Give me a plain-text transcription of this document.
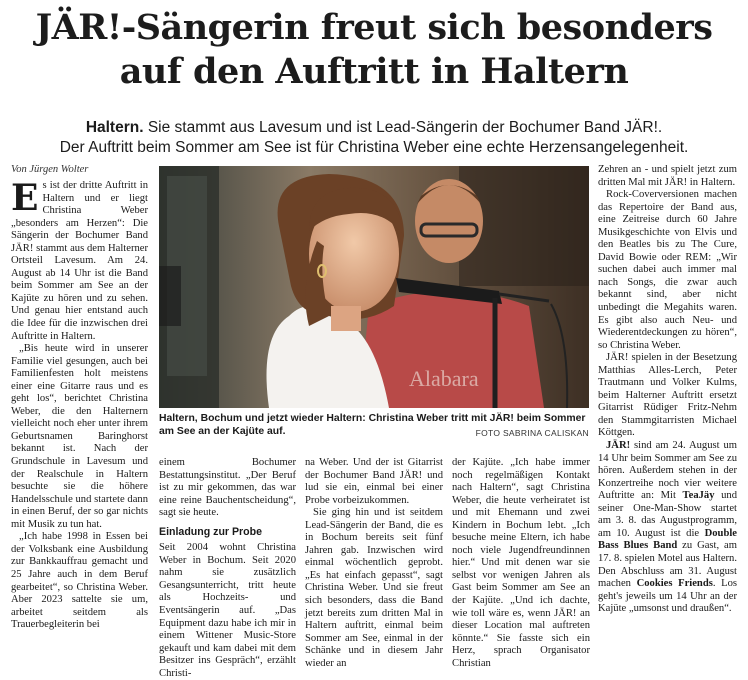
JÄR!-Sängerin freut sich besonders
auf den Auftritt in Haltern
Haltern. Sie stammt aus Lavesum und ist Lead-Sängerin der Bochumer Band JÄR!.
Der Auftritt beim Sommer am See ist für Christina Weber eine echte Herzensangelegenheit.
Von Jürgen Wolter

Es ist der dritte Auftritt in Haltern und er liegt Christina Weber „besonders am Herzen“: Die Sängerin der Bochumer Band JÄR! stammt aus dem Halterner Ortsteil Lavesum. Am 24. August ab 14 Uhr ist die Band beim Sommer am See an der Kajüte zu hören und zu sehen. Und genau hier entstand auch die Idee für die inzwischen drei Auftritte in Haltern.

„Bis heute wird in unserer Familie viel gesungen, auch bei Familienfesten holt meistens einer eine Gitarre raus und es geht los“, berichtet Christina Weber, die den Halternern vielleicht noch eher unter ihrem Geburtsnamen Baringhorst bekannt ist. Nach der Grundschule in Lavesum und der Realschule in Haltern besuchte sie die höhere Handelsschule und startete dann in einen Beruf, der so gar nichts mit Musik zu tun hat.

„Ich habe 1998 in Essen bei der Volksbank eine Ausbildung zur Bankkauffrau gemacht und 25 Jahre auch in dem Beruf gearbeitet“, so Christina Weber. Aber 2023 sattelte sie um, arbeitet seitdem als Trauerbegleiterin bei

Alabara
Haltern, Bochum und jetzt wieder Haltern: Christina Weber tritt mit JÄR! beim Sommer am See an der Kajüte auf.	FOTO SABRINA CALISKAN

einem Bochumer Bestattungsinstitut. „Der Beruf ist zu mir gekommen, das war eine reine Bauchentscheidung“, sagt sie heute.

Einladung zur Probe

Seit 2004 wohnt Christina Weber in Bochum. Seit 2020 nahm sie zusätzlich Gesangsunterricht, tritt heute als Hochzeits- und Eventsängerin auf. „Das Equipment dazu habe ich mir in einem Wittener Music-Store gekauft und kam dabei mit dem Besitzer ins Gespräch“, erzählt Christi-

na Weber. Und der ist Gitarrist der Bochumer Band JÄR! und lud sie ein, einmal bei einer Probe vorbeizukommen.

Sie ging hin und ist seitdem Lead-Sängerin der Band, die es in Bochum bereits seit fünf Jahren gab. Inzwischen wird einmal wöchentlich geprobt. „Es hat einfach gepasst“, sagt Christina Weber. Und sie freut sich besonders, dass die Band jetzt bereits zum dritten Mal in Haltern auftritt, einmal beim Sommer am See, einmal in der Schänke und in diesem Jahr wieder an

der Kajüte. „Ich habe immer noch regelmäßigen Kontakt nach Haltern“, sagt Christina Weber, die heute verheiratet ist und mit Ehemann und zwei Kindern in Bochum lebt. „Ich besuche meine Eltern, ich habe noch viele Jugendfreundinnen hier.“ Und mit denen war sie selbst vor wenigen Jahren als Gast beim Sommer am See an der Kajüte. „Und ich dachte, wie toll wäre es, wenn JÄR! an dieser Location mal auftreten könnte.“ Sie fasste sich ein Herz, sprach Organisator Christian

Zehren an - und spielt jetzt zum dritten Mal mit JÄR! in Haltern.

Rock-Coverversionen machen das Repertoire der Band aus, eine Zeitreise durch 60 Jahre Musikgeschichte von Elvis und den Beatles bis zu The Cure, David Bowie oder REM: „Wir suchen dabei auch immer mal nach Songs, die zwar auch bekannt sind, aber nicht unbedingt die Megahits waren. Es gibt also auch Neu- und Wiederentdeckungen zu hören“, so Christina Weber.

JÄR! spielen in der Besetzung Matthias Alles-Lerch, Peter Trautmann und Volker Kulms, beim Halterner Auftritt ersetzt Gitarrist Rüdiger Fritz-Nehm den Stammgitarristen Michael Köttgen.

JÄR! sind am 24. August um 14 Uhr beim Sommer am See zu hören. Außerdem stehen in der Konzertreihe noch vier weitere Auftritte an: Mit TeaJäy und seiner One-Man-Show startet am 3. 8. das Augustprogramm, am 10. August ist die Double Bass Blues Band zu Gast, am 17. 8. spielen Motel aus Haltern. Den Abschluss am 31. August machen Cookies Friends. Los geht's jeweils um 14 Uhr an der Kajüte „umsonst und draußen“.
